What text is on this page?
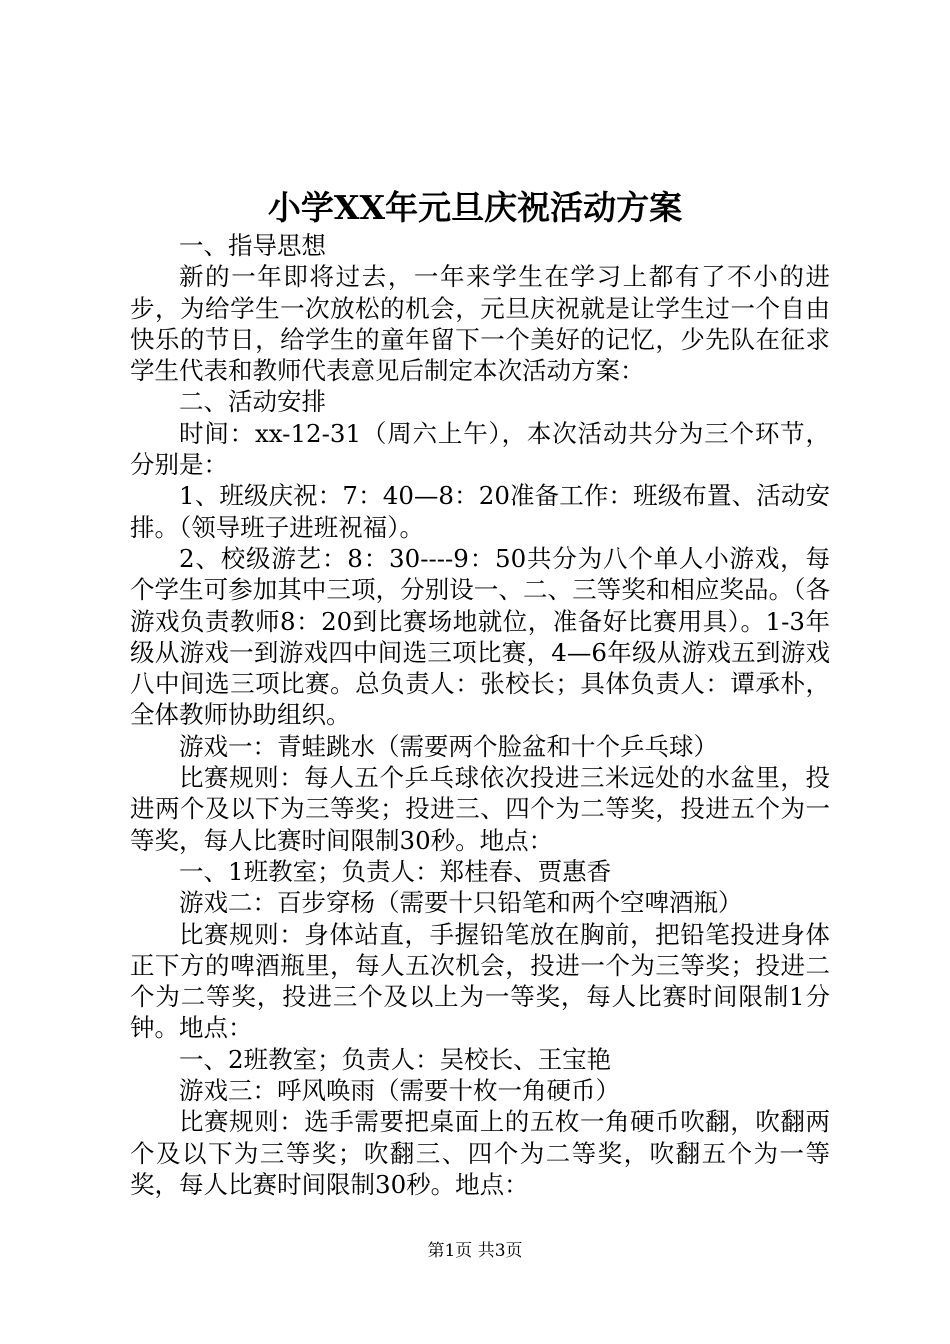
小学XX年元旦庆祝活动方案

一、指导思想

新的一年即将过去，一年来学生在学习上都有了不小的进步，为给学生一次放松的机会，元旦庆祝就是让学生过一个自由快乐的节日，给学生的童年留下一个美好的记忆，少先队在征求学生代表和教师代表意见后制定本次活动方案：

二、活动安排

时间：xx-12-31（周六上午），本次活动共分为三个环节，分别是：

1、班级庆祝：7：40—8：20准备工作：班级布置、活动安排。（领导班子进班祝福）。

2、校级游艺：8：30----9：50共分为八个单人小游戏，每个学生可参加其中三项，分别设一、二、三等奖和相应奖品。（各游戏负责教师8：20到比赛场地就位，准备好比赛用具）。1-3年级从游戏一到游戏四中间选三项比赛，4—6年级从游戏五到游戏八中间选三项比赛。总负责人：张校长；具体负责人：谭承朴，全体教师协助组织。

游戏一：青蛙跳水（需要两个脸盆和十个乒乓球）

比赛规则：每人五个乒乓球依次投进三米远处的水盆里，投进两个及以下为三等奖；投进三、四个为二等奖，投进五个为一等奖，每人比赛时间限制30秒。地点：

一、1班教室；负责人：郑桂春、贾惠香

游戏二：百步穿杨（需要十只铅笔和两个空啤酒瓶）

比赛规则：身体站直，手握铅笔放在胸前，把铅笔投进身体正下方的啤酒瓶里，每人五次机会，投进一个为三等奖；投进二个为二等奖，投进三个及以上为一等奖，每人比赛时间限制1分钟。地点：

一、2班教室；负责人：吴校长、王宝艳

游戏三：呼风唤雨（需要十枚一角硬币）

比赛规则：选手需要把桌面上的五枚一角硬币吹翻，吹翻两个及以下为三等奖；吹翻三、四个为二等奖，吹翻五个为一等奖，每人比赛时间限制30秒。地点：

第1页 共3页
